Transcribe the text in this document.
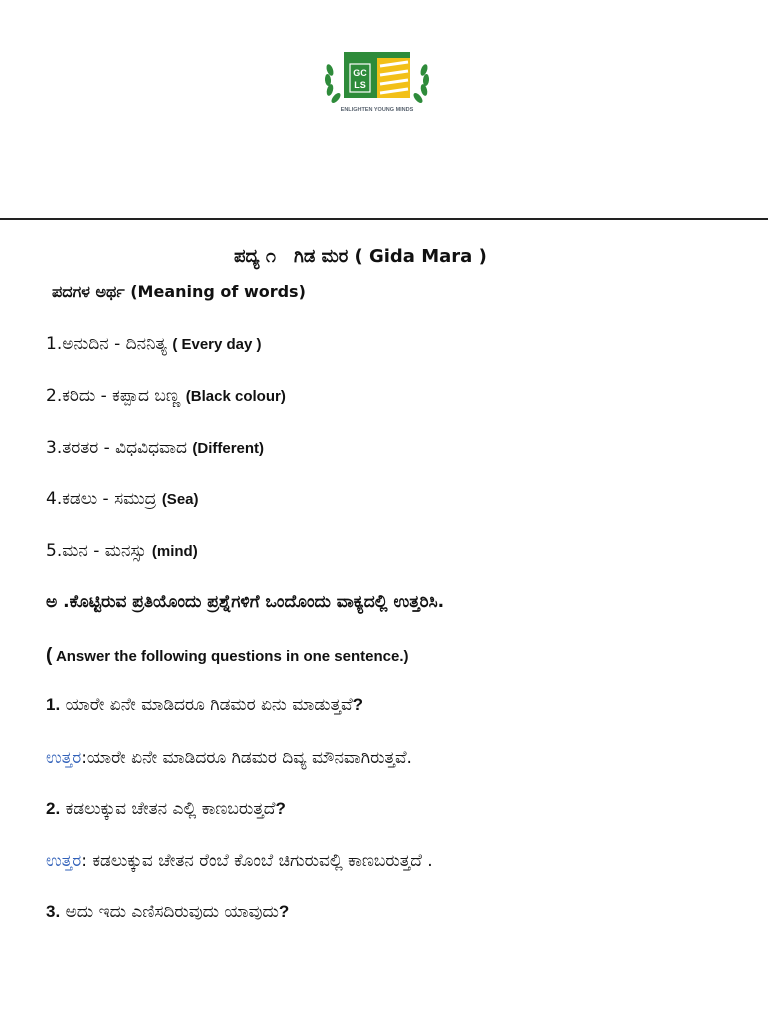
GC
LS
ENLIGHTEN YOUNG MINDS
ಪದ್ಯ ೧ ಗಿಡ ಮರ ( Gida Mara )
ಪದಗಳ ಅರ್ಥ (Meaning of words)
1.ಅನುದಿನ - ದಿನನಿತ್ಯ ( Every day )
2.ಕರಿದು - ಕಪ್ಪಾದ ಬಣ್ಣ (Black colour)
3.ತರತರ - ವಿಧವಿಧವಾದ (Different)
4.ಕಡಲು - ಸಮುದ್ರ (Sea)
5.ಮನ - ಮನಸ್ಸು (mind)
ಅ .ಕೊಟ್ಟಿರುವ ಪ್ರತಿಯೊಂದು ಪ್ರಶ್ನೆಗಳಿಗೆ ಒಂದೊಂದು ವಾಕ್ಯದಲ್ಲಿ ಉತ್ತರಿಸಿ.
( Answer the following questions in one sentence.)
1. ಯಾರೇ ಏನೇ ಮಾಡಿದರೂ ಗಿಡಮರ ಏನು ಮಾಡುತ್ತವೆ?
ಉತ್ತರ:ಯಾರೇ ಏನೇ ಮಾಡಿದರೂ ಗಿಡಮರ ದಿವ್ಯ ಮೌನವಾಗಿರುತ್ತವೆ.
2. ಕಡಲುಕ್ಕುವ ಚೇತನ ಎಲ್ಲಿ ಕಾಣಬರುತ್ತದೆ?
ಉತ್ತರ: ಕಡಲುಕ್ಕುವ ಚೇತನ ರೆಂಬೆ ಕೊಂಬೆ ಚಿಗುರುವಲ್ಲಿ ಕಾಣಬರುತ್ತದೆ .
3. ಅದು ಇದು ಎಣಿಸದಿರುವುದು ಯಾವುದು?
